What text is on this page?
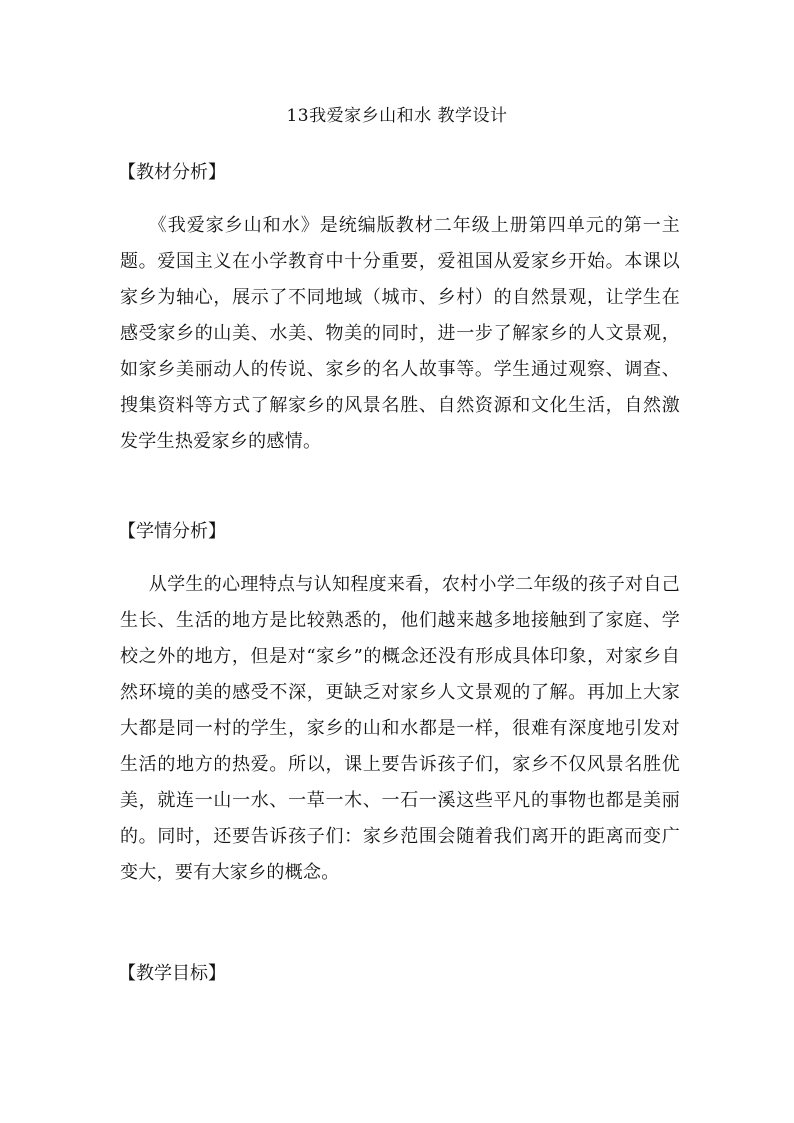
13我爱家乡山和水 教学设计
【教材分析】

《我爱家乡山和水》是统编版教材二年级上册第四单元的第一主题。爱国主义在小学教育中十分重要，爱祖国从爱家乡开始。本课以家乡为轴心，展示了不同地域（城市、乡村）的自然景观，让学生在感受家乡的山美、水美、物美的同时，进一步了解家乡的人文景观，如家乡美丽动人的传说、家乡的名人故事等。学生通过观察、调查、搜集资料等方式了解家乡的风景名胜、自然资源和文化生活，自然激发学生热爱家乡的感情。

【学情分析】

从学生的心理特点与认知程度来看，农村小学二年级的孩子对自己生长、生活的地方是比较熟悉的，他们越来越多地接触到了家庭、学校之外的地方，但是对“家乡”的概念还没有形成具体印象，对家乡自然环境的美的感受不深，更缺乏对家乡人文景观的了解。再加上大家大都是同一村的学生，家乡的山和水都是一样，很难有深度地引发对生活的地方的热爱。所以，课上要告诉孩子们，家乡不仅风景名胜优美，就连一山一水、一草一木、一石一溪这些平凡的事物也都是美丽的。同时，还要告诉孩子们：家乡范围会随着我们离开的距离而变广变大，要有大家乡的概念。

【教学目标】
